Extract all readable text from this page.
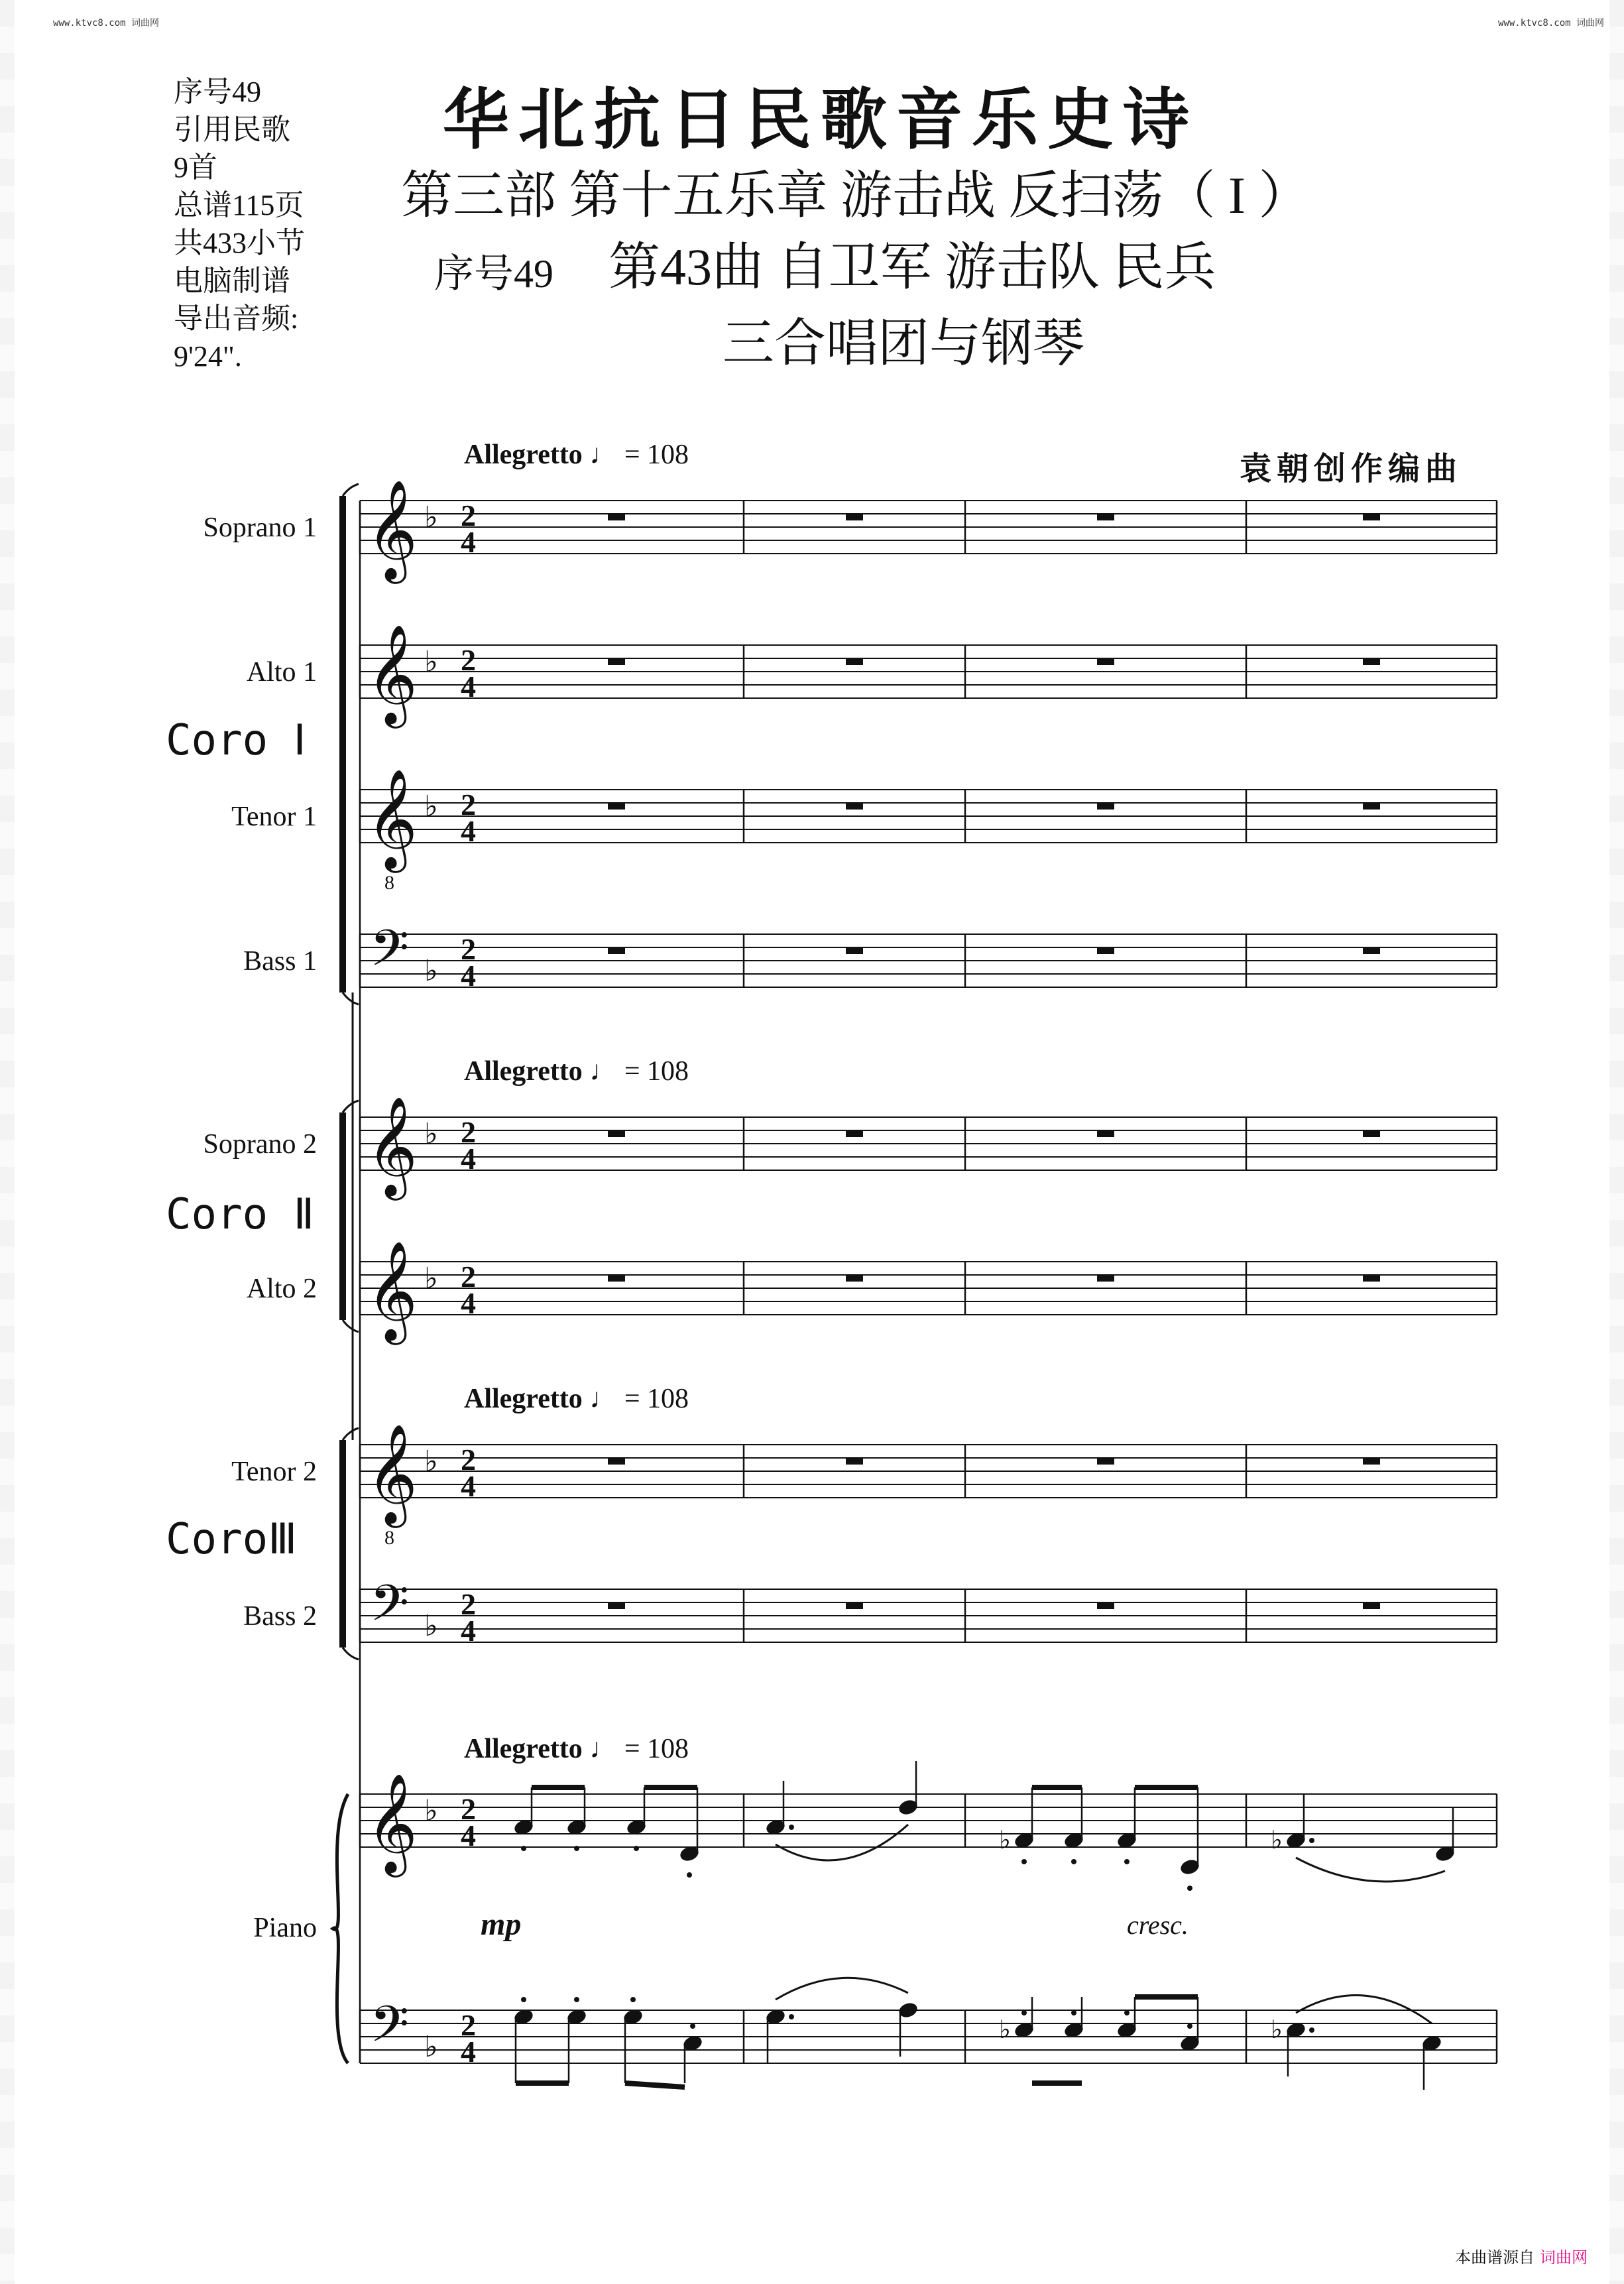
www.ktvc8.com 词曲网	www.ktvc8.com 词曲网
序号49
引用民歌
9首
总谱115页
共433小节
电脑制谱
导出音频:
9'24".
华北抗日民歌音乐史诗
第三部 第十五乐章 游击战 反扫荡（ I ）
序号49 第43曲 自卫军 游击队 民兵
三合唱团与钢琴
袁朝创作编曲
Soprano 1
Alto 1
Tenor 1
Bass 1
Soprano 2
Alto 2
Tenor 2
Bass 2
Piano
Coro Ⅰ
Coro Ⅱ
CoroⅢ
Allegretto ♩ = 108
Allegretto ♩ = 108
Allegretto ♩ = 108
Allegretto ♩ = 108
mp	cresc.
𝄞 ♭ 2
4
𝄞 ♭ 2
4
𝄞 ♭ 2
4
8
𝄢 ♭
2
4
𝄞 ♭ 2
4
𝄞 ♭ 2
4
𝄞 ♭ 2
4
8
𝄢 ♭
2
4
𝄞 ♭ 2
4
𝄢 ♭
2
4
♭	♭
♭	♭
本曲谱源自 词曲网
